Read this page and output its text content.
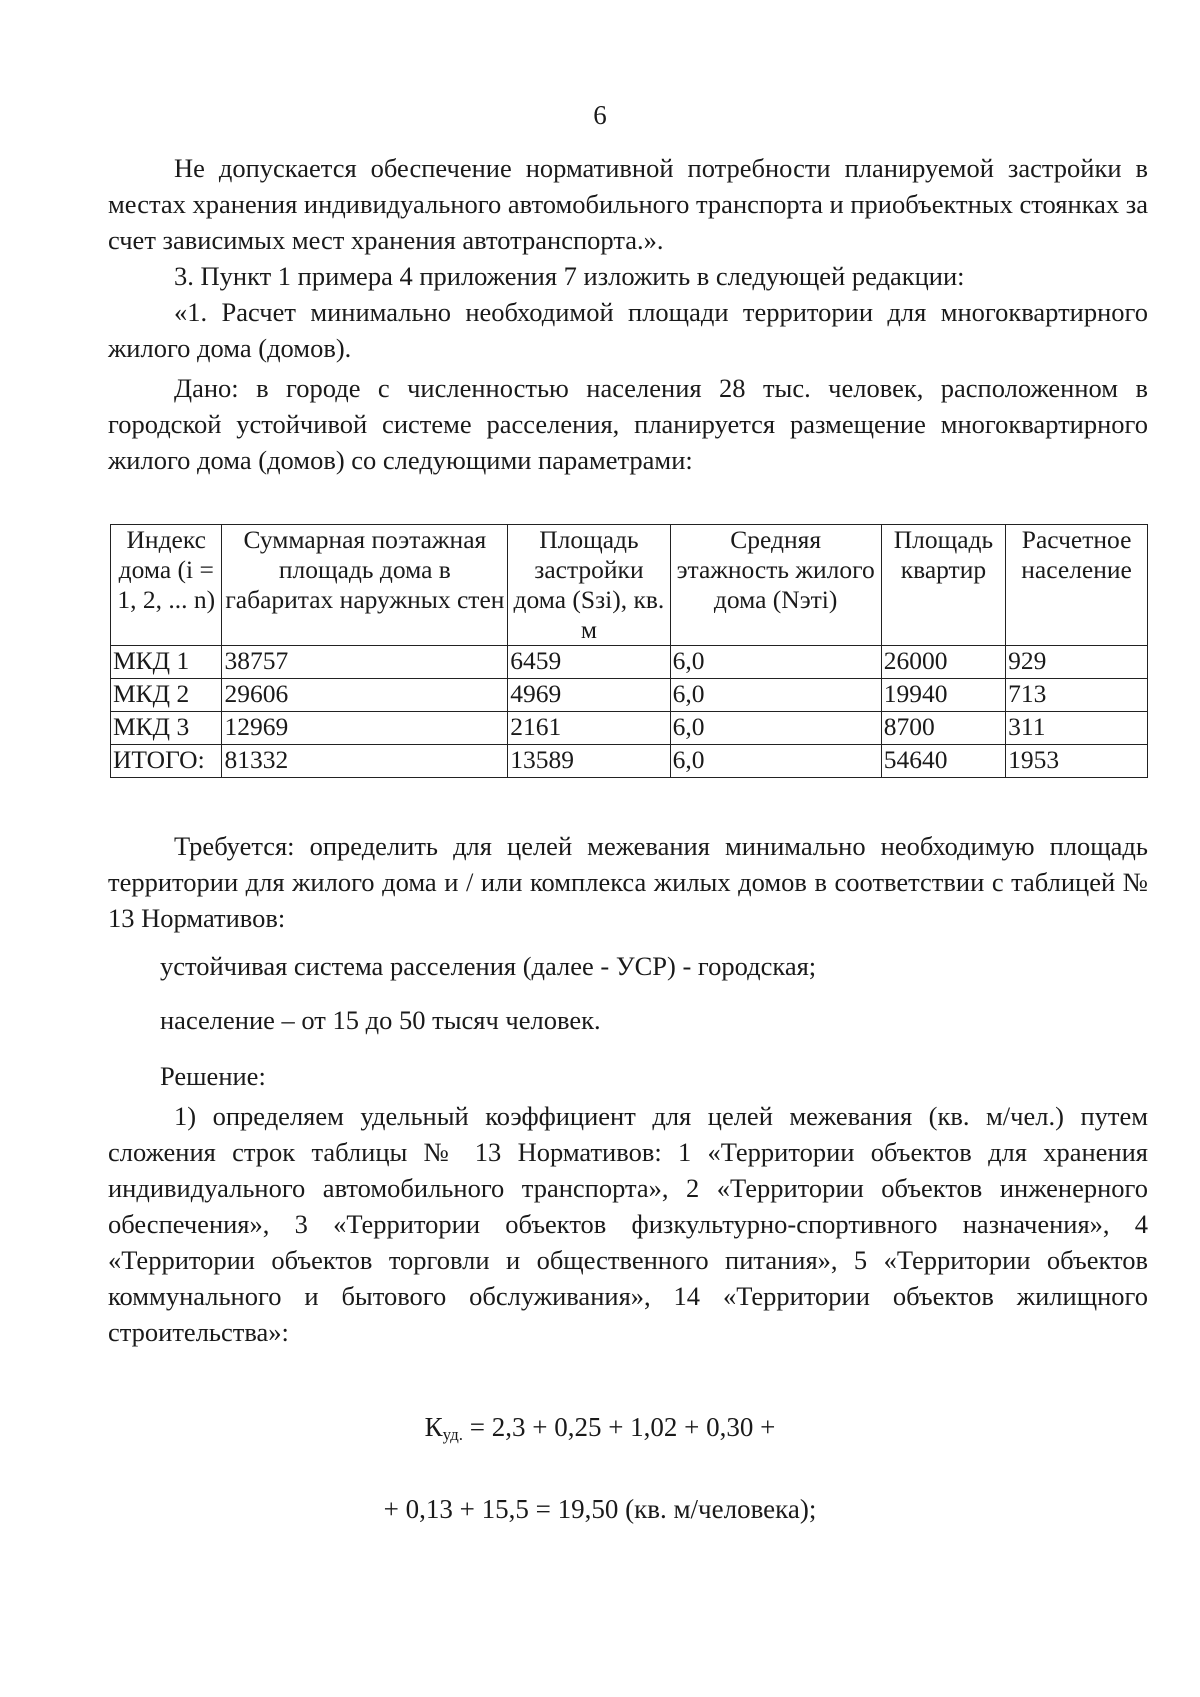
6

Не допускается обеспечение нормативной потребности планируемой застройки в местах хранения индивидуального автомобильного транспорта и приобъектных стоянках за счет зависимых мест хранения автотранспорта.».

3. Пункт 1 примера 4 приложения 7 изложить в следующей редакции:

«1. Расчет минимально необходимой площади территории для многоквартирного жилого дома (домов).

Дано: в городе с численностью населения 28 тыс. человек, расположенном в городской устойчивой системе расселения, планируется размещение многоквартирного жилого дома (домов) со следующими параметрами:

Индекс дома (i = 1, 2, ... n)	Суммарная поэтажная площадь дома в габаритах наружных стен	Площадь застройки дома (Sзi), кв. м	Средняя этажность жилого дома (Nэтi)	Площадь квартир	Расчетное население
МКД 1	38757	6459	6,0	26000	929
МКД 2	29606	4969	6,0	19940	713
МКД 3	12969	2161	6,0	8700	311
ИТОГО:	81332	13589	6,0	54640	1953

Требуется: определить для целей межевания минимально необходимую площадь территории для жилого дома и / или комплекса жилых домов в соответствии с таблицей № 13 Нормативов:

устойчивая система расселения (далее - УСР) - городская;

население – от 15 до 50 тысяч человек.

Решение:

1) определяем удельный коэффициент для целей межевания (кв. м/чел.) путем сложения строк таблицы № 13 Нормативов: 1 «Территории объектов для хранения индивидуального автомобильного транспорта», 2 «Территории объектов инженерного обеспечения», 3 «Территории объектов физкультурно-спортивного назначения», 4 «Территории объектов торговли и общественного питания», 5 «Территории объектов коммунального и бытового обслуживания», 14 «Территории объектов жилищного строительства»:

$К_{уд.} = 2,3 + 0,25 + 1,02 + 0,30$ +
+ 0,13 + 15,5 = 19,50 (кв. м/человека);
